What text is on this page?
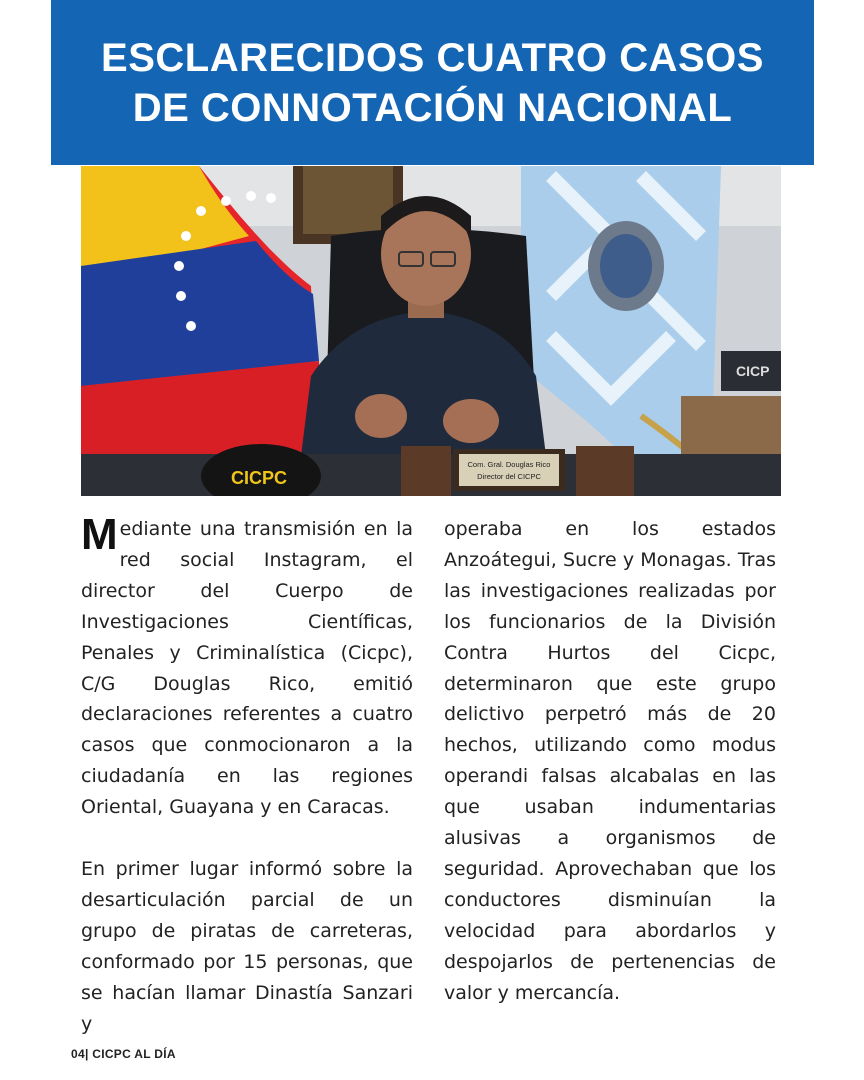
ESCLARECIDOS CUATRO CASOS
DE CONNOTACIÓN NACIONAL
CICPC
Com. Gral. Douglas Rico
Director del CICPC
CICP

Mediante una transmisión en la red social Instagram, el director del Cuerpo de Investigaciones Científicas, Penales y Criminalística (Cicpc), C/G Douglas Rico, emitió declaraciones referentes a cuatro casos que conmocionaron a la ciudadanía en las regiones Oriental, Guayana y en Caracas.

En primer lugar informó sobre la desarticulación parcial de un grupo de piratas de carreteras, conformado por 15 personas, que se hacían llamar Dinastía Sanzari y

operaba en los estados Anzoátegui, Sucre y Monagas. Tras las investigaciones realizadas por los funcionarios de la División Contra Hurtos del Cicpc, determinaron que este grupo delictivo perpetró más de 20 hechos, utilizando como modus operandi falsas alcabalas en las que usaban indumentarias alusivas a organismos de seguridad. Aprovechaban que los conductores disminuían la velocidad para abordarlos y despojarlos de pertenencias de valor y mercancía.

04| CICPC AL DÍA
